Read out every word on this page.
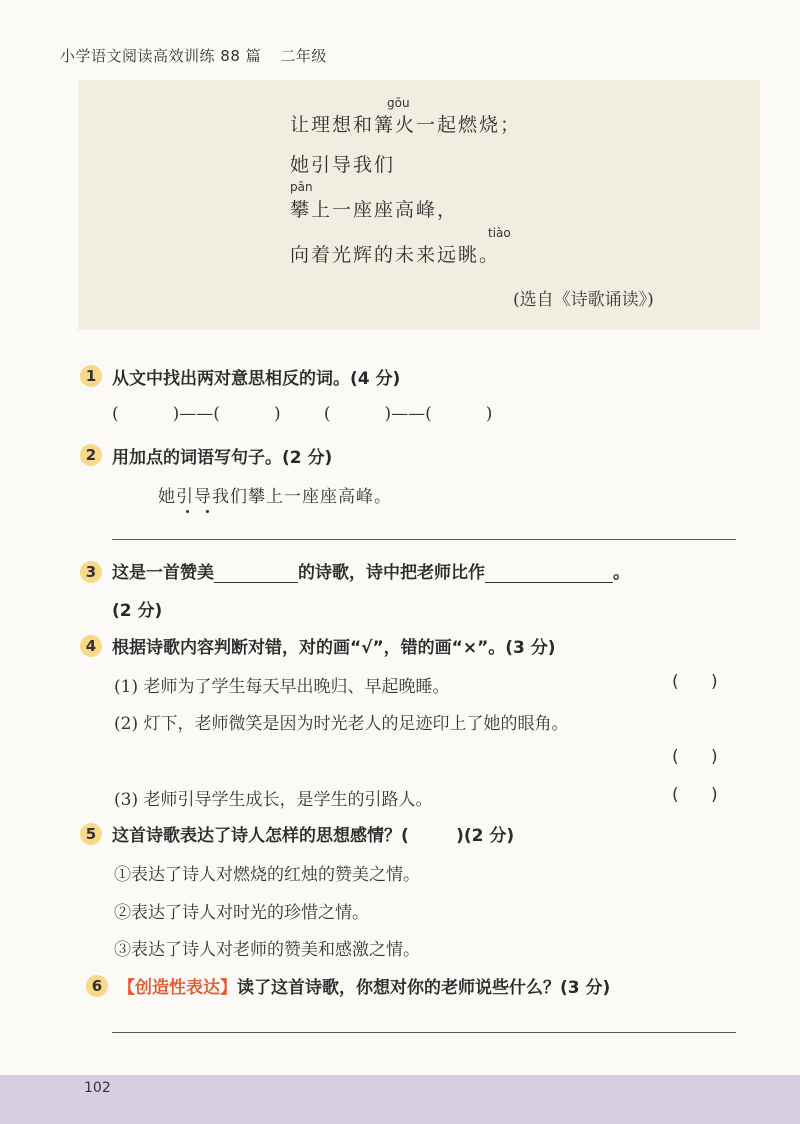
小学语文阅读高效训练 88 篇 二年级
gōu
让理想和篝火一起燃烧；
她引导我们
pān
攀上一座座高峰，
tiào
向着光辉的未来远眺。
(选自《诗歌诵读》)
1 从文中找出两对意思相反的词。(4 分)
(          )——(          )        (          )——(          )
2 用加点的词语写句子。(2 分)
她引导我们攀上一座座高峰。
3 这是一首赞美	的诗歌，诗中把老师比作	。
(2 分)
4 根据诗歌内容判断对错，对的画“√”，错的画“×”。(3 分)
(1) 老师为了学生每天早出晚归、早起晚睡。	(      )
(2) 灯下，老师微笑是因为时光老人的足迹印上了她的眼角。
(      )
(3) 老师引导学生成长，是学生的引路人。	(      )
5 这首诗歌表达了诗人怎样的思想感情？(        )(2 分)
①表达了诗人对燃烧的红烛的赞美之情。
②表达了诗人对时光的珍惜之情。
③表达了诗人对老师的赞美和感激之情。
6 【创造性表达】读了这首诗歌，你想对你的老师说些什么？(3 分)
102
